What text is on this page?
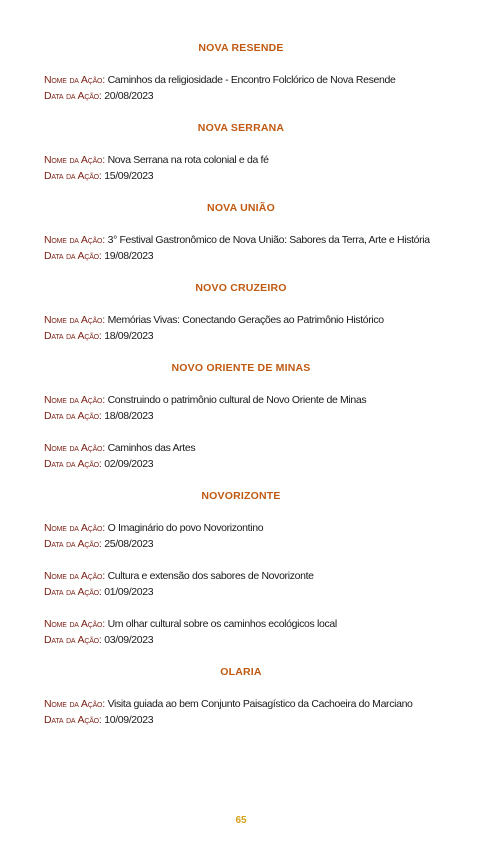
NOVA RESENDE
Nome da Ação: Caminhos da religiosidade - Encontro Folclórico de Nova Resende
Data da Ação: 20/08/2023
NOVA SERRANA
Nome da Ação: Nova Serrana na rota colonial e da fé
Data da Ação: 15/09/2023
NOVA UNIÃO
Nome da Ação: 3° Festival Gastronômico de Nova União: Sabores da Terra, Arte e História
Data da Ação: 19/08/2023
NOVO CRUZEIRO
Nome da Ação: Memórias Vivas: Conectando Gerações ao Patrimônio Histórico
Data da Ação: 18/09/2023
NOVO ORIENTE DE MINAS
Nome da Ação: Construindo o patrimônio cultural de Novo Oriente de Minas
Data da Ação: 18/08/2023
Nome da Ação: Caminhos das Artes
Data da Ação: 02/09/2023
NOVORIZONTE
Nome da Ação: O Imaginário do povo Novorizontino
Data da Ação: 25/08/2023
Nome da Ação: Cultura e extensão dos sabores de Novorizonte
Data da Ação: 01/09/2023
Nome da Ação: Um olhar cultural sobre os caminhos ecológicos local
Data da Ação: 03/09/2023
OLARIA
Nome da Ação: Visita guiada ao bem Conjunto Paisagístico da Cachoeira do Marciano
Data da Ação: 10/09/2023
65
